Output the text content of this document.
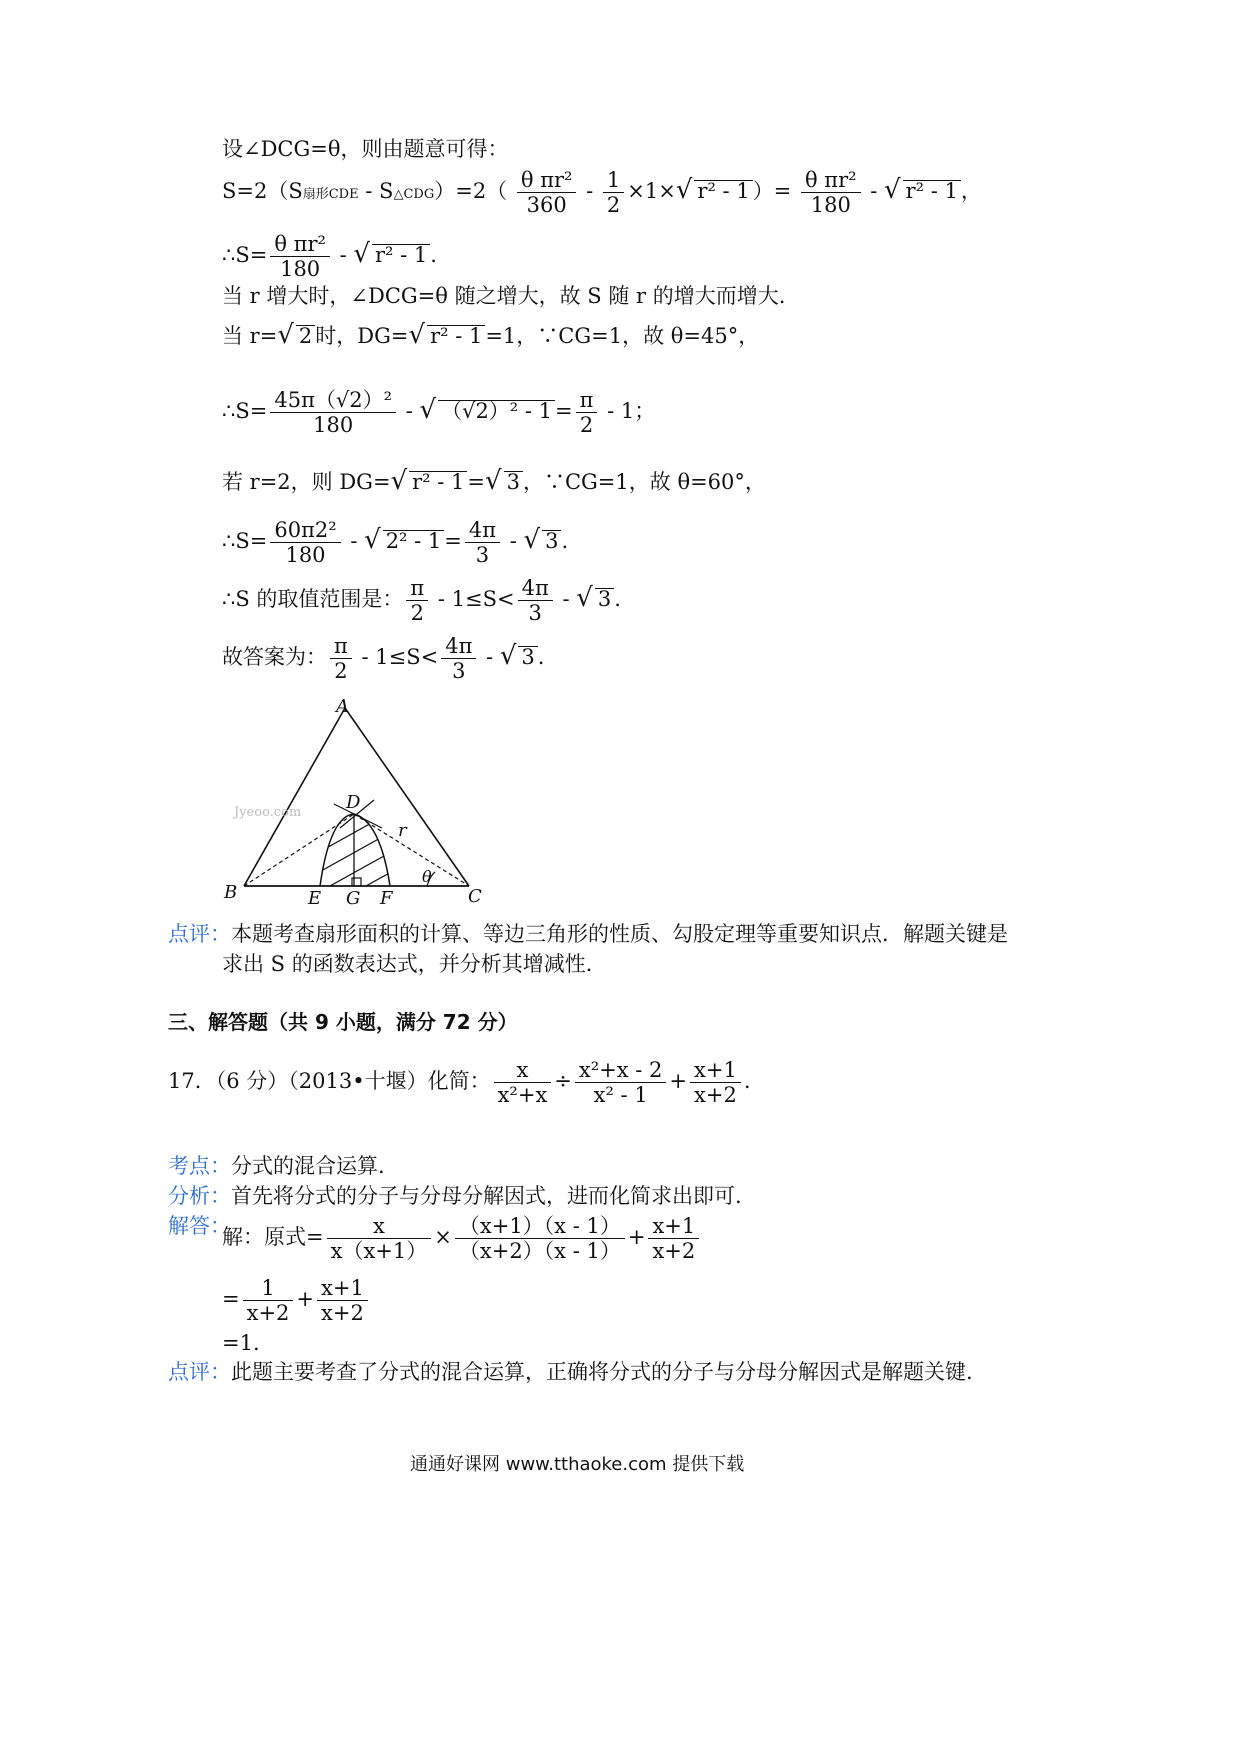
设∠DCG=θ，则由题意可得：
S=2（S扇形CDE - S△CDG）=2（ $\frac{\text{θ πr²}}{360} - \frac{1}{2} \times 1\times√$ r² - 1 ）= $\frac{\text{θ πr²}}{180}$ - √ r² - 1 ，
∴S= $\frac{\text{θ πr²}}{180}$ - √ r² - 1 .
当 r 增大时，∠DCG=θ 随之增大，故 S 随 r 的增大而增大.
当 r=√ 2 时，DG=√ r² - 1 =1，∵CG=1，故 θ=45°，
∴S= $\frac{\text{45π（√2）²}}{180}$ - √ $(√2)^2 - 1 = \frac{\pi}{2} - 1$；
若 r=2，则 DG=√ r² - 1 =√ 3 ，∵CG=1，故 θ=60°，
∴S= $\frac{\text{60π2²}}{180}$ - √ $2^2 - 1 = \frac{4\pi}{3}$ - √ 3 .
∴S 的取值范围是： $\frac{\pi}{2} - 1\le S< \frac{4\pi}{3}$ - √ 3 .
故答案为： $\frac{\pi}{2} - 1\le S< \frac{4\pi}{3}$ - √ 3 .
Jyeoo.com
A
B	C
D
E G F
r
θ
点评：本题考查扇形面积的计算、等边三角形的性质、勾股定理等重要知识点．解题关键是
求出 S 的函数表达式，并分析其增减性．
三、解答题（共 9 小题，满分 72 分）
17．（6 分）（2013•十堰）化简： $\frac{x}{\text{x²+x}} \div \frac{\text{x²+x - 2}}{\text{x² - 1}} + \frac{x+1}{x+2}$ .
考点：分式的混合运算.
分析：首先将分式的分子与分母分解因式，进而化简求出即可.
解答：
解：原式= $\frac{x}{x(x+1)} \times \frac{(x+1)(x - 1)}{(x+2)(x - 1)} + \frac{x+1}{x+2}$
= $\frac{1}{x+2} + \frac{x+1}{x+2}$
=1.
点评：此题主要考查了分式的混合运算，正确将分式的分子与分母分解因式是解题关键.
通通好课网 www.tthaoke.com 提供下载
